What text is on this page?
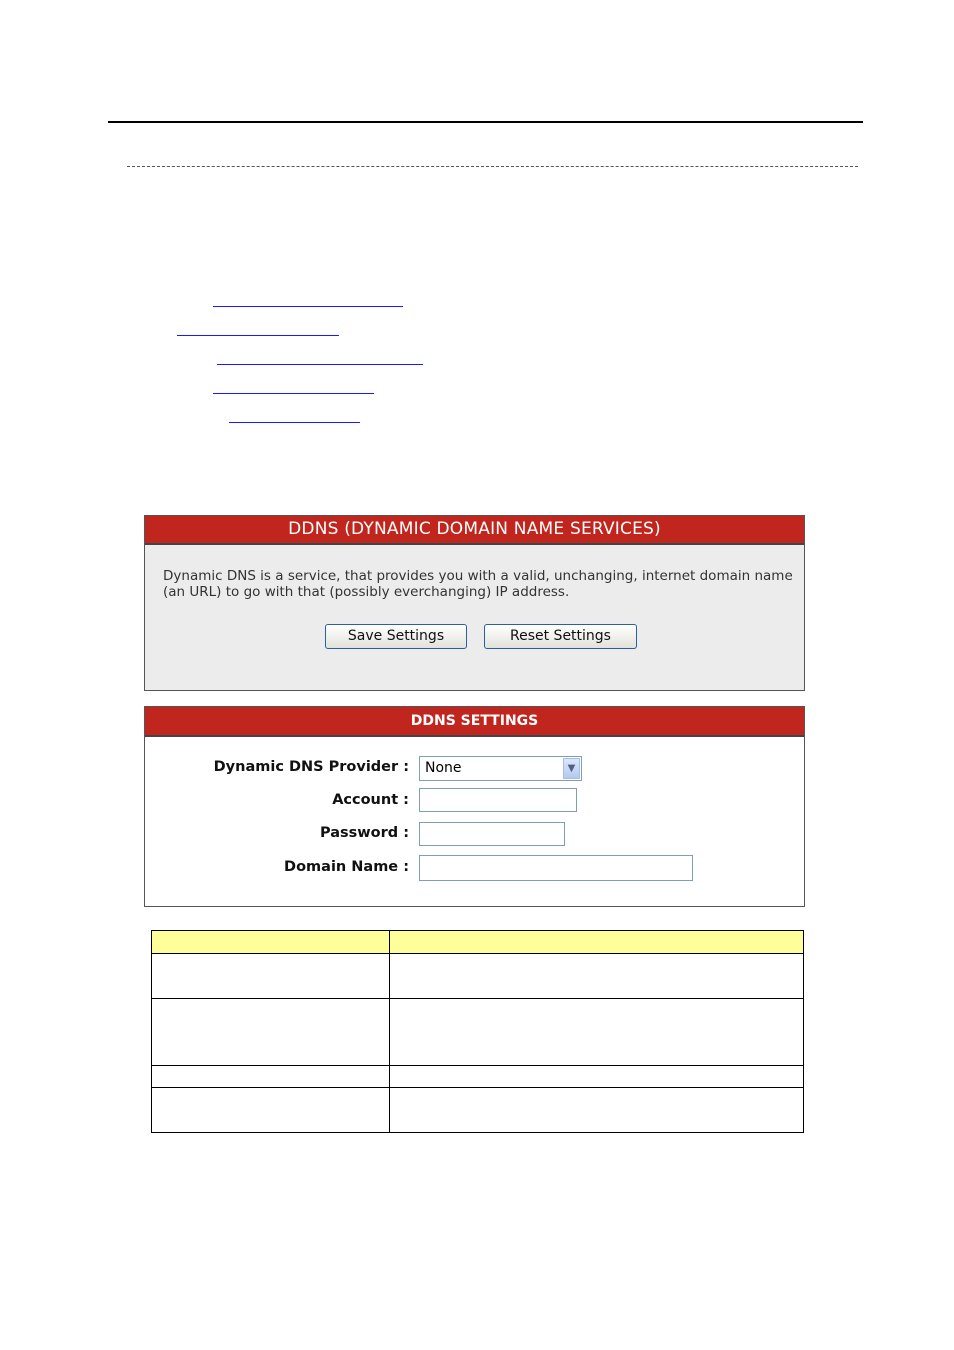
DDNS (DYNAMIC DOMAIN NAME SERVICES)
Dynamic DNS is a service, that provides you with a valid, unchanging, internet domain name (an URL) to go with that (possibly everchanging) IP address.
Save Settings	Reset Settings
DDNS SETTINGS
Dynamic DNS Provider :	None	▼
Account :
Password :
Domain Name :
